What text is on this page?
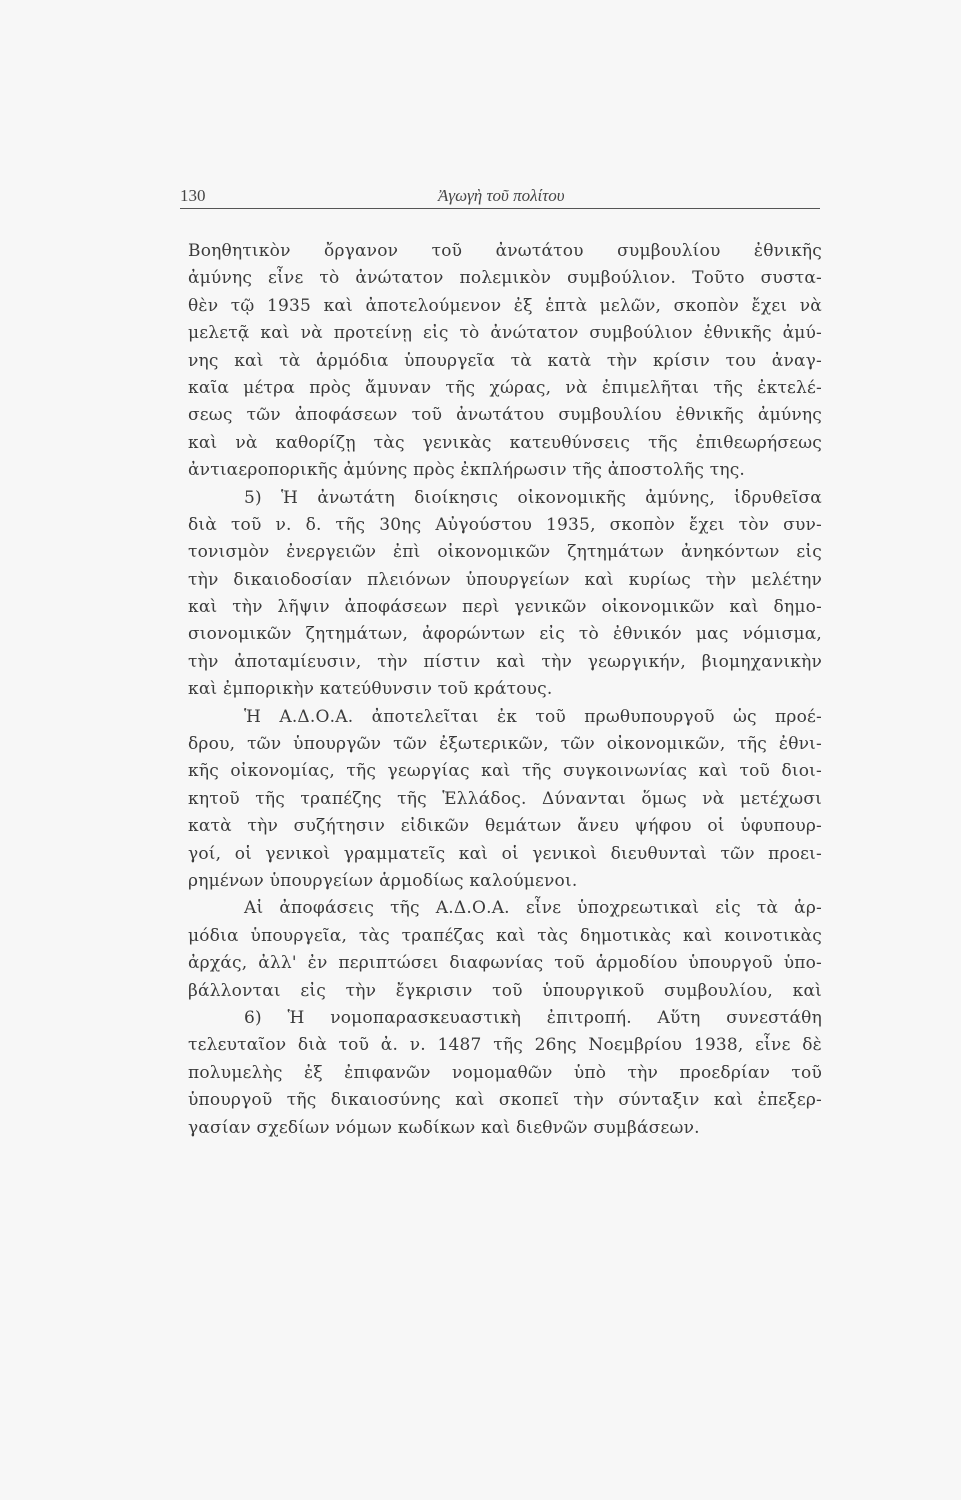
130	Ἀγωγὴ τοῦ πολίτου
Βοηθητικὸν ὄργανον τοῦ ἀνωτάτου συμβουλίου ἐθνικῆς
ἀμύνης εἶνε τὸ ἀνώτατον πολεμικὸν συμβούλιον. Τοῦτο συστα-
θὲν τῷ 1935 καὶ ἀποτελούμενον ἐξ ἑπτὰ μελῶν, σκοπὸν ἔχει νὰ
μελετᾷ καὶ νὰ προτείνῃ εἰς τὸ ἀνώτατον συμβούλιον ἐθνικῆς ἀμύ-
νης καὶ τὰ ἁρμόδια ὑπουργεῖα τὰ κατὰ τὴν κρίσιν του ἀναγ-
καῖα μέτρα πρὸς ἄμυναν τῆς χώρας, νὰ ἐπιμελῆται τῆς ἐκτελέ-
σεως τῶν ἀποφάσεων τοῦ ἀνωτάτου συμβουλίου ἐθνικῆς ἀμύνης
καὶ νὰ καθορίζῃ τὰς γενικὰς κατευθύνσεις τῆς ἐπιθεωρήσεως
ἀντιαεροπορικῆς ἀμύνης πρὸς ἐκπλήρωσιν τῆς ἀποστολῆς της.
5) Ἡ ἀνωτάτη διοίκησις οἰκονομικῆς ἀμύνης, ἱδρυθεῖσα
διὰ τοῦ ν. δ. τῆς 30ης Αὐγούστου 1935, σκοπὸν ἔχει τὸν συν-
τονισμὸν ἐνεργειῶν ἐπὶ οἰκονομικῶν ζητημάτων ἀνηκόντων εἰς
τὴν δικαιοδοσίαν πλειόνων ὑπουργείων καὶ κυρίως τὴν μελέτην
καὶ τὴν λῆψιν ἀποφάσεων περὶ γενικῶν οἰκονομικῶν καὶ δημο-
σιονομικῶν ζητημάτων, ἀφορώντων εἰς τὸ ἐθνικόν μας νόμισμα,
τὴν ἀποταμίευσιν, τὴν πίστιν καὶ τὴν γεωργικήν, βιομηχανικὴν
καὶ ἐμπορικὴν κατεύθυνσιν τοῦ κράτους.
Ἡ Α.Δ.Ο.Α. ἀποτελεῖται ἐκ τοῦ πρωθυπουργοῦ ὡς προέ-
δρου, τῶν ὑπουργῶν τῶν ἐξωτερικῶν, τῶν οἰκονομικῶν, τῆς ἐθνι-
κῆς οἰκονομίας, τῆς γεωργίας καὶ τῆς συγκοινωνίας καὶ τοῦ διοι-
κητοῦ τῆς τραπέζης τῆς Ἑλλάδος. Δύνανται ὅμως νὰ μετέχωσι
κατὰ τὴν συζήτησιν εἰδικῶν θεμάτων ἄνευ ψήφου οἱ ὑφυπουρ-
γοί, οἱ γενικοὶ γραμματεῖς καὶ οἱ γενικοὶ διευθυνταὶ τῶν προει-
ρημένων ὑπουργείων ἁρμοδίως καλούμενοι.
Αἱ ἀποφάσεις τῆς Α.Δ.Ο.Α. εἶνε ὑποχρεωτικαὶ εἰς τὰ ἁρ-
μόδια ὑπουργεῖα, τὰς τραπέζας καὶ τὰς δημοτικὰς καὶ κοινοτικὰς
ἀρχάς, ἀλλ' ἐν περιπτώσει διαφωνίας τοῦ ἁρμοδίου ὑπουργοῦ ὑπο-
βάλλονται εἰς τὴν ἔγκρισιν τοῦ ὑπουργικοῦ συμβουλίου, καὶ
6) Ἡ νομοπαρασκευαστικὴ ἐπιτροπή. Αὕτη συνεστάθη
τελευταῖον διὰ τοῦ ἀ. ν. 1487 τῆς 26ης Νοεμβρίου 1938, εἶνε δὲ
πολυμελὴς ἐξ ἐπιφανῶν νομομαθῶν ὑπὸ τὴν προεδρίαν τοῦ
ὑπουργοῦ τῆς δικαιοσύνης καὶ σκοπεῖ τὴν σύνταξιν καὶ ἐπεξερ-
γασίαν σχεδίων νόμων κωδίκων καὶ διεθνῶν συμβάσεων.
